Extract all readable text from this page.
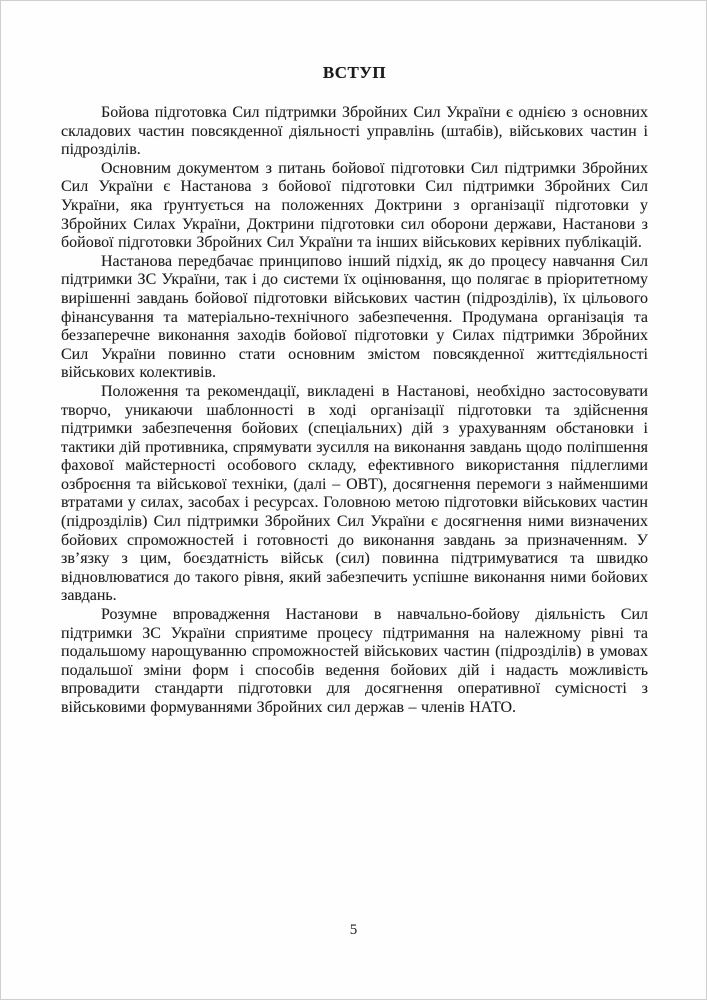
ВСТУП

Бойова підготовка Сил підтримки Збройних Сил України є однією з основних складових частин повсякденної діяльності управлінь (штабів), військових частин і підрозділів.

Основним документом з питань бойової підготовки Сил підтримки Збройних Сил України є Настанова з бойової підготовки Сил підтримки Збройних Сил України, яка ґрунтується на положеннях Доктрини з організації підготовки у Збройних Силах України, Доктрини підготовки сил оборони держави, Настанови з бойової підготовки Збройних Сил України та інших військових керівних публікацій.

Настанова передбачає принципово інший підхід, як до процесу навчання Сил підтримки ЗС України, так і до системи їх оцінювання, що полягає в пріоритетному вирішенні завдань бойової підготовки військових частин (підрозділів), їх цільового фінансування та матеріально-технічного забезпечення. Продумана організація та беззаперечне виконання заходів бойової підготовки у Силах підтримки Збройних Сил України повинно стати основним змістом повсякденної життєдіяльності військових колективів.

Положення та рекомендації, викладені в Настанові, необхідно застосовувати творчо, уникаючи шаблонності в ході організації підготовки та здійснення підтримки забезпечення бойових (спеціальних) дій з урахуванням обстановки і тактики дій противника, спрямувати зусилля на виконання завдань щодо поліпшення фахової майстерності особового складу, ефективного використання підлеглими озброєння та військової техніки, (далі – ОВТ), досягнення перемоги з найменшими втратами у силах, засобах і ресурсах. Головною метою підготовки військових частин (підрозділів) Сил підтримки Збройних Сил України є досягнення ними визначених бойових спроможностей і готовності до виконання завдань за призначенням. У зв’язку з цим, боєздатність військ (сил) повинна підтримуватися та швидко відновлюватися до такого рівня, який забезпечить успішне виконання ними бойових завдань.

Розумне впровадження Настанови в навчально-бойову діяльність Сил підтримки ЗС України сприятиме процесу підтримання на належному рівні та подальшому нарощуванню спроможностей військових частин (підрозділів) в умовах подальшої зміни форм і способів ведення бойових дій і надасть можливість впровадити стандарти підготовки для досягнення оперативної сумісності з військовими формуваннями Збройних сил держав – членів НАТО.

5
